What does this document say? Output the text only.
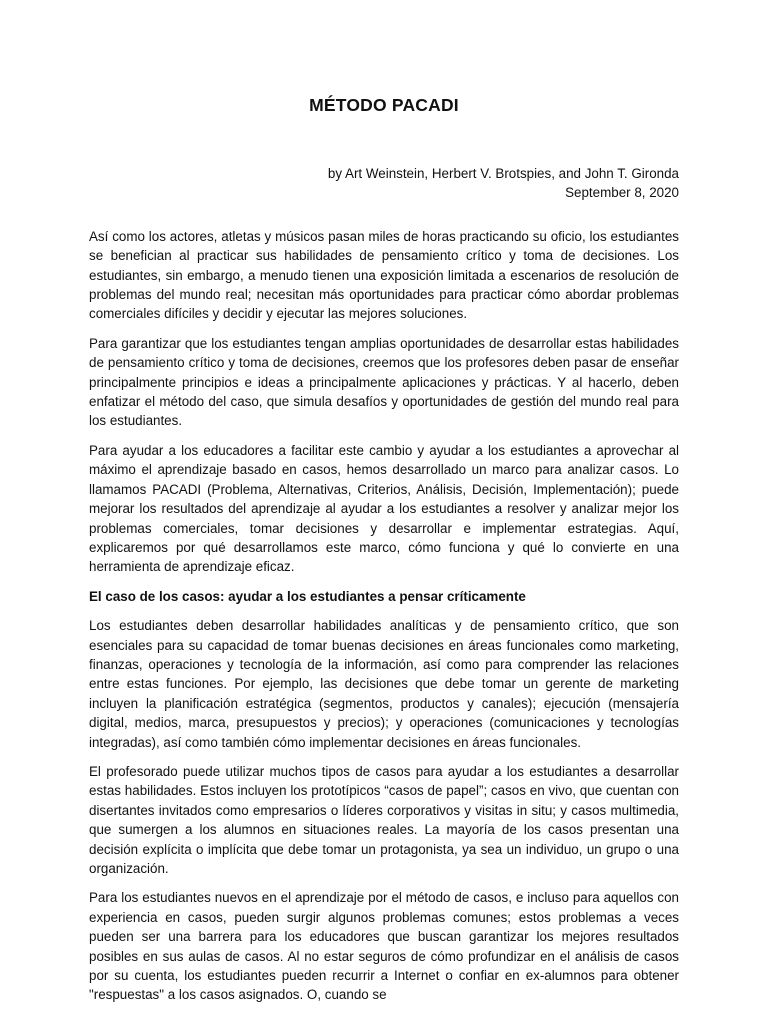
MÉTODO PACADI
by Art Weinstein, Herbert V. Brotspies, and John T. Gironda
September 8, 2020

Así como los actores, atletas y músicos pasan miles de horas practicando su oficio, los estudiantes se benefician al practicar sus habilidades de pensamiento crítico y toma de decisiones. Los estudiantes, sin embargo, a menudo tienen una exposición limitada a escenarios de resolución de problemas del mundo real; necesitan más oportunidades para practicar cómo abordar problemas comerciales difíciles y decidir y ejecutar las mejores soluciones.

Para garantizar que los estudiantes tengan amplias oportunidades de desarrollar estas habilidades de pensamiento crítico y toma de decisiones, creemos que los profesores deben pasar de enseñar principalmente principios e ideas a principalmente aplicaciones y prácticas. Y al hacerlo, deben enfatizar el método del caso, que simula desafíos y oportunidades de gestión del mundo real para los estudiantes.

Para ayudar a los educadores a facilitar este cambio y ayudar a los estudiantes a aprovechar al máximo el aprendizaje basado en casos, hemos desarrollado un marco para analizar casos. Lo llamamos PACADI (Problema, Alternativas, Criterios, Análisis, Decisión, Implementación); puede mejorar los resultados del aprendizaje al ayudar a los estudiantes a resolver y analizar mejor los problemas comerciales, tomar decisiones y desarrollar e implementar estrategias. Aquí, explicaremos por qué desarrollamos este marco, cómo funciona y qué lo convierte en una herramienta de aprendizaje eficaz.

El caso de los casos: ayudar a los estudiantes a pensar críticamente

Los estudiantes deben desarrollar habilidades analíticas y de pensamiento crítico, que son esenciales para su capacidad de tomar buenas decisiones en áreas funcionales como marketing, finanzas, operaciones y tecnología de la información, así como para comprender las relaciones entre estas funciones. Por ejemplo, las decisiones que debe tomar un gerente de marketing incluyen la planificación estratégica (segmentos, productos y canales); ejecución (mensajería digital, medios, marca, presupuestos y precios); y operaciones (comunicaciones y tecnologías integradas), así como también cómo implementar decisiones en áreas funcionales.

El profesorado puede utilizar muchos tipos de casos para ayudar a los estudiantes a desarrollar estas habilidades. Estos incluyen los prototípicos “casos de papel”; casos en vivo, que cuentan con disertantes invitados como empresarios o líderes corporativos y visitas in situ; y casos multimedia, que sumergen a los alumnos en situaciones reales. La mayoría de los casos presentan una decisión explícita o implícita que debe tomar un protagonista, ya sea un individuo, un grupo o una organización.

Para los estudiantes nuevos en el aprendizaje por el método de casos, e incluso para aquellos con experiencia en casos, pueden surgir algunos problemas comunes; estos problemas a veces pueden ser una barrera para los educadores que buscan garantizar los mejores resultados posibles en sus aulas de casos. Al no estar seguros de cómo profundizar en el análisis de casos por su cuenta, los estudiantes pueden recurrir a Internet o confiar en ex-alumnos para obtener "respuestas" a los casos asignados. O, cuando se
